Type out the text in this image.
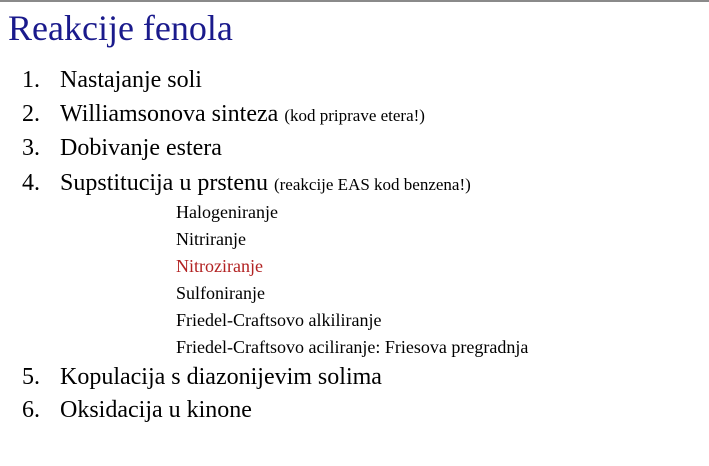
Reakcije fenola
1. Nastajanje soli
2. Williamsonova sinteza (kod priprave etera!)
3. Dobivanje estera
4. Supstitucija u prstenu (reakcije EAS kod benzena!)
Halogeniranje
Nitriranje
Nitroziranje
Sulfoniranje
Friedel-Craftsovo alkiliranje
Friedel-Craftsovo aciliranje: Friesova pregradnja
5. Kopulacija s diazonijevim solima
6. Oksidacija u kinone
